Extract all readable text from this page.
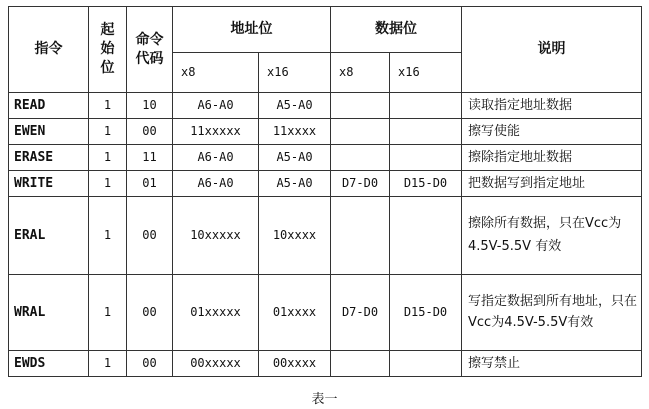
指令	起始位	命令代码	地址位		数据位		说明
			x8	x16	x8	x16	
READ	1	10	A6-A0	A5-A0			读取指定地址数据
EWEN	1	00	11xxxxx	11xxxx			擦写使能
ERASE	1	11	A6-A0	A5-A0			擦除指定地址数据
WRITE	1	01	A6-A0	A5-A0	D7-D0	D15-D0	把数据写到指定地址
ERAL	1	00	10xxxxx	10xxxx			擦除所有数据，只在Vcc为 4.5V-5.5V 有效
WRAL	1	00	01xxxxx	01xxxx	D7-D0	D15-D0	写指定数据到所有地址，只在Vcc为4.5V-5.5V有效
EWDS	1	00	00xxxxx	00xxxx			擦写禁止
表一
